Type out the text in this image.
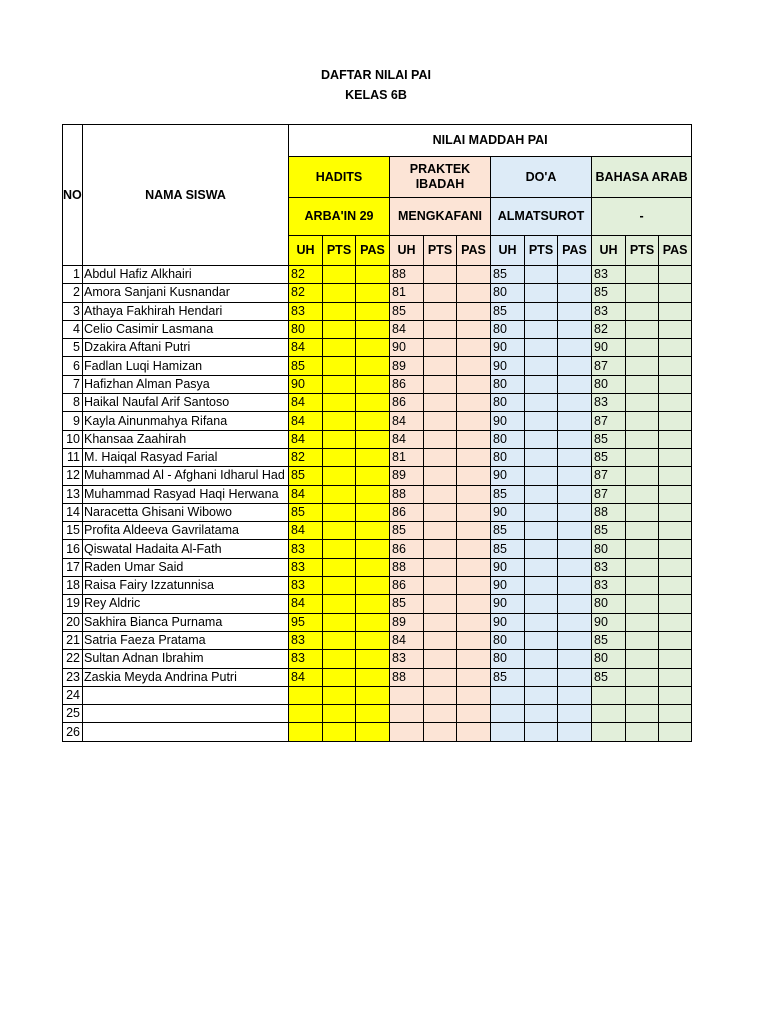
DAFTAR NILAI PAI
KELAS 6B
NO	NAMA SISWA	NILAI MADDAH PAI											
		HADITS			PRAKTEK IBADAH			DO'A			BAHASA ARAB		
		ARBA'IN 29			MENGKAFANI			ALMATSUROT			-		
		UH	PTS	PAS	UH	PTS	PAS	UH	PTS	PAS	UH	PTS	PAS
1	Abdul Hafiz Alkhairi	82			88			85			83		
2	Amora Sanjani Kusnandar	82			81			80			85		
3	Athaya Fakhirah Hendari	83			85			85			83		
4	Celio Casimir Lasmana	80			84			80			82		
5	Dzakira Aftani Putri	84			90			90			90		
6	Fadlan Luqi Hamizan	85			89			90			87		
7	Hafizhan Alman Pasya	90			86			80			80		
8	Haikal Naufal Arif Santoso	84			86			80			83		
9	Kayla Ainunmahya Rifana	84			84			90			87		
10	Khansaa Zaahirah	84			84			80			85		
11	M. Haiqal Rasyad Farial	82			81			80			85		
12	Muhammad Al - Afghani Idharul Had	85			89			90			87		
13	Muhammad Rasyad Haqi Herwana	84			88			85			87		
14	Naracetta Ghisani Wibowo	85			86			90			88		
15	Profita Aldeeva Gavrilatama	84			85			85			85		
16	Qiswatal Hadaita Al-Fath	83			86			85			80		
17	Raden Umar Said	83			88			90			83		
18	Raisa Fairy Izzatunnisa	83			86			90			83		
19	Rey Aldric	84			85			90			80		
20	Sakhira Bianca Purnama	95			89			90			90		
21	Satria Faeza Pratama	83			84			80			85		
22	Sultan Adnan Ibrahim	83			83			80			80		
23	Zaskia Meyda Andrina Putri	84			88			85			85		
24													
25													
26													
